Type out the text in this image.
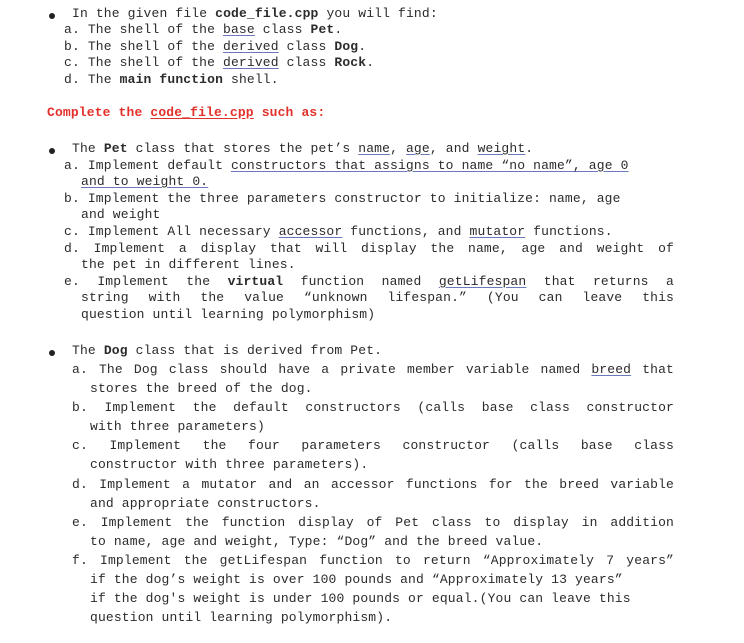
In the given file code_file.cpp you will find:
a. The shell of the base class Pet.
b. The shell of the derived class Dog.
c. The shell of the derived class Rock.
d. The main function shell.
Complete the code_file.cpp such as:
The Pet class that stores the pet’s name, age, and weight.
a. Implement default constructors that assigns to name “no name”, age 0
and to weight 0.
b. Implement the three parameters constructor to initialize: name, age
and weight
c. Implement All necessary accessor functions, and mutator functions.
d. Implement a display that will display the name, age and weight of
the pet in different lines.
e. Implement the virtual function named getLifespan that returns a
string with the value “unknown lifespan.” (You can leave this
question until learning polymorphism)
The Dog class that is derived from Pet.
a. The Dog class should have a private member variable named breed that
stores the breed of the dog.
b. Implement the default constructors (calls base class constructor
with three parameters)
c. Implement the four parameters constructor (calls base class
constructor with three parameters).
d. Implement a mutator and an accessor functions for the breed variable
and appropriate constructors.
e. Implement the function display of Pet class to display in addition
to name, age and weight, Type: “Dog” and the breed value.
f. Implement the getLifespan function to return “Approximately 7 years”
if the dog’s weight is over 100 pounds and “Approximately 13 years”
if the dog's weight is under 100 pounds or equal.(You can leave this
question until learning polymorphism).
